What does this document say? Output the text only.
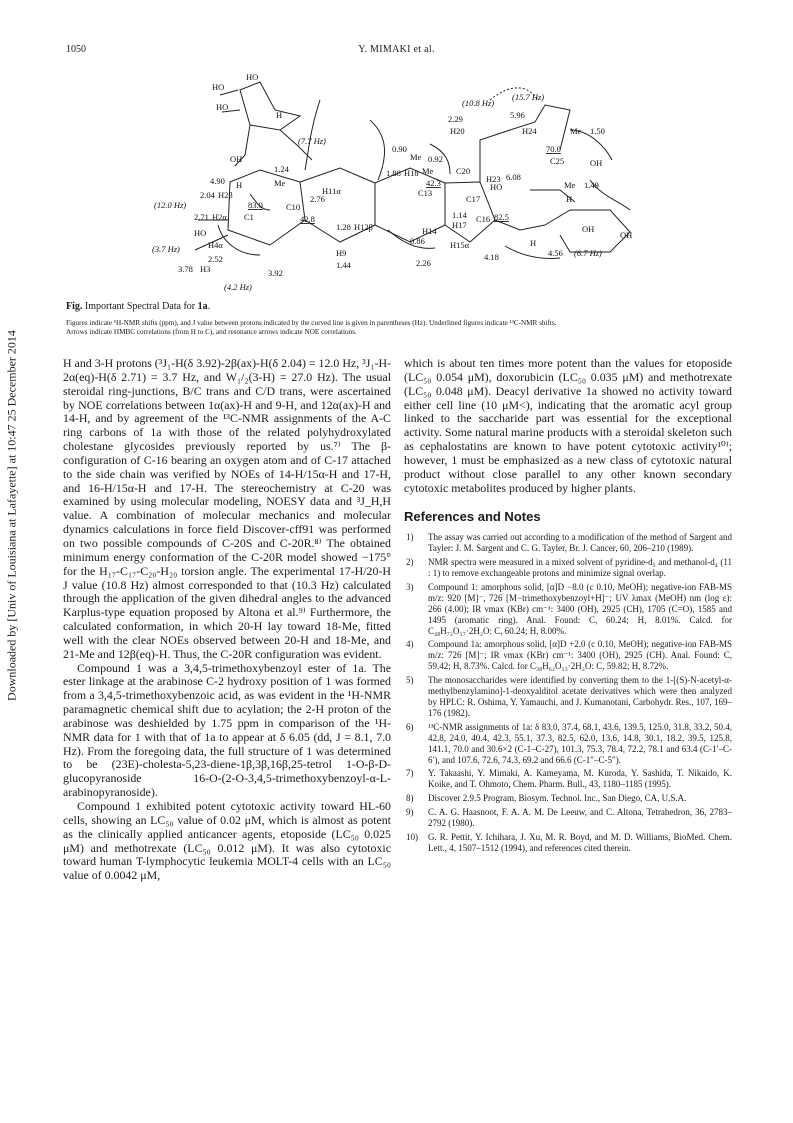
1050	Y. MIMAKI et al.
Downloaded by [Univ of Louisiana at Lafayette] at 10:47 25 December 2014
HO
HO
HO
H
(7.7 Hz)
OH
1.24
4.90 H	Me
2.04 H2β
83.0	C10
(12.0 Hz)
2.71 H2α C1
HO
2.76
H11α
42.8
1.28 H12β
(3.7 Hz)	H4α
2.52
H3
3.78	3.92
(4.2 Hz)
H9
1.44
0.90
Me 0.92
Me	C20
1.88 H18
42.3
C13
1.14
H17
C17
0.86
H14
H15α
2.26
C16 82.5
4.18
HO
H
4.56 (6.7 Hz)
OH
OH
(10.8 Hz)
(15.7 Hz)
2.29
H20
5.96
H24	Me 1.50
C25
70.0
OH
H23 6.08
Me 1.49
H
Fig. Important Spectral Data for 1a.
Figures indicate ¹H-NMR shifts (ppm), and J value between protons indicated by the curved line is given in parentheses (Hz). Underlined figures indicate ¹³C-NMR shifts.
Arrows indicate HMBC correlations (from H to C), and resonance arrows indicate NOE correlations.

H and 3-H protons (³J₁-H(δ 3.92)-2β(ax)-H(δ 2.04) = 12.0 Hz, ³J₁-H-2α(eq)-H(δ 2.71) = 3.7 Hz, and W₁/₂(3-H) = 27.0 Hz). The usual steroidal ring-junctions, B/C trans and C/D trans, were ascertained by NOE correlations between 1α(ax)-H and 9-H, and 12α(ax)-H and 14-H, and by agreement of the ¹³C-NMR assignments of the A-C ring carbons of 1a with those of the related polyhydroxylated cholestane glycosides previously reported by us.⁷⁾ The β-configuration of C-16 bearing an oxygen atom and of C-17 attached to the side chain was verified by NOEs of 14-H/15α-H and 17-H, and 16-H/15α-H and 17-H. The stereochemistry at C-20 was examined by using molecular modeling, NOESY data and ³J_H,H value. A combination of molecular mechanics and molecular dynamics calculations in force field Discover-cff91 was performed on two possible compounds of C-20S and C-20R.⁸⁾ The obtained minimum energy conformation of the C-20R model showed −175° for the H₁₇-C₁₇-C₂₀-H₂₀ torsion angle. The experimental 17-H/20-H J value (10.8 Hz) almost corresponded to that (10.3 Hz) calculated through the application of the given dihedral angles to the advanced Karplus-type equation proposed by Altona et al.⁹⁾ Furthermore, the calculated conformation, in which 20-H lay toward 18-Me, fitted well with the clear NOEs observed between 20-H and 18-Me, and 21-Me and 12β(eq)-H. Thus, the C-20R configuration was evident.

Compound 1 was a 3,4,5-trimethoxybenzoyl ester of 1a. The ester linkage at the arabinose C-2 hydroxy position of 1 was formed from a 3,4,5-trimethoxybenzoic acid, as was evident in the ¹H-NMR paramagnetic chemical shift due to acylation; the 2-H proton of the arabinose was deshielded by 1.75 ppm in comparison of the ¹H-NMR data for 1 with that of 1a to appear at δ 6.05 (dd, J = 8.1, 7.0 Hz). From the foregoing data, the full structure of 1 was determined to be (23E)-cholesta-5,23-diene-1β,3β,16β,25-tetrol 1-O-β-D-glucopyranoside 16-O-(2-O-3,4,5-trimethoxybenzoyl-α-L-arabinopyranoside).

Compound 1 exhibited potent cytotoxic activity toward HL-60 cells, showing an LC₅₀ value of 0.02 μM, which is almost as potent as the clinically applied anticancer agents, etoposide (LC₅₀ 0.025 μM) and methotrexate (LC₅₀ 0.012 μM). It was also cytotoxic toward human T-lymphocytic leukemia MOLT-4 cells with an LC₅₀ value of 0.0042 μM,

which is about ten times more potent than the values for etoposide (LC₅₀ 0.054 μM), doxorubicin (LC₅₀ 0.035 μM) and methotrexate (LC₅₀ 0.048 μM). Deacyl derivative 1a showed no activity toward either cell line (10 μM<), indicating that the aromatic acyl group linked to the saccharide part was essential for the exceptional activity. Some natural marine products with a steroidal skeleton such as cephalostatins are known to have potent cytotoxic activity¹⁰⁾; however, 1 must be emphasized as a new class of cytotoxic natural product without close parallel to any other known secondary cytotoxic metabolites produced by higher plants.

References and Notes
1) The assay was carried out according to a modification of the method of Sargent and Tayler: J. M. Sargent and C. G. Tayler, Br. J. Cancer, 60, 206–210 (1989).
2) NMR spectra were measured in a mixed solvent of pyridine-d₅ and methanol-d₄ (11 : 1) to remove exchangeable protons and minimize signal overlap.
3) Compound 1: amorphous solid, [α]D −8.0 (c 0.10, MeOH); negative-ion FAB-MS m/z: 920 [M]⁻, 726 [M−trimethoxybenzoyl+H]⁻; UV λmax (MeOH) nm (log ε): 266 (4.00); IR νmax (KBr) cm⁻¹: 3400 (OH), 2925 (CH), 1705 (C=O), 1585 and 1495 (aromatic ring). Anal. Found: C, 60.24; H, 8.01%. Calcd. for C₄₈H₇₂O₁₇·2H₂O: C, 60.24; H, 8.00%.
4) Compound 1a: amorphous solid, [α]D +2.0 (c 0.10, MeOH); negative-ion FAB-MS m/z: 726 [M]⁻; IR νmax (KBr) cm⁻¹: 3400 (OH), 2925 (CH). Anal. Found: C, 59.42; H, 8.73%. Calcd. for C₃₈H₆₂O₁₃·2H₂O: C, 59.82; H, 8.72%.
5) The monosaccharides were identified by converting them to the 1-[(S)-N-acetyl-α-methylbenzylamino]-1-deoxyalditol acetate derivatives which were then analyzed by HPLC: R. Oshima, Y. Yamauchi, and J. Kumanotani, Carbohydr. Res., 107, 169–176 (1982).
6) ¹³C-NMR assignments of 1a: δ 83.0, 37.4, 68.1, 43.6, 139.5, 125.0, 31.8, 33.2, 50.4, 42.8, 24.0, 40.4, 42.3, 55.1, 37.3, 82.5, 62.0, 13.6, 14.8, 30.1, 18.2, 39.5, 125.8, 141.1, 70.0 and 30.6×2 (C-1–C-27), 101.3, 75.3, 78.4, 72.2, 78.1 and 63.4 (C-1′–C-6′), and 107.6, 72.6, 74.3, 69.2 and 66.6 (C-1″–C-5″).
7) Y. Takaashi, Y. Mimaki, A. Kameyama, M. Kuroda, Y. Sashida, T. Nikaido, K. Koike, and T. Ohmoto, Chem. Pharm. Bull., 43, 1180–1185 (1995).
8) Discover 2.9.5 Program, Biosym. Technol. Inc., San Diego, CA, U.S.A.
9) C. A. G. Haasnoot, F. A. A. M. De Leeuw, and C. Altona, Tetrahedron, 36, 2783–2792 (1980).
10) G. R. Pettit, Y. Ichihara, J. Xu, M. R. Boyd, and M. D. Williams, BioMed. Chem. Lett., 4, 1507–1512 (1994), and references cited therein.
